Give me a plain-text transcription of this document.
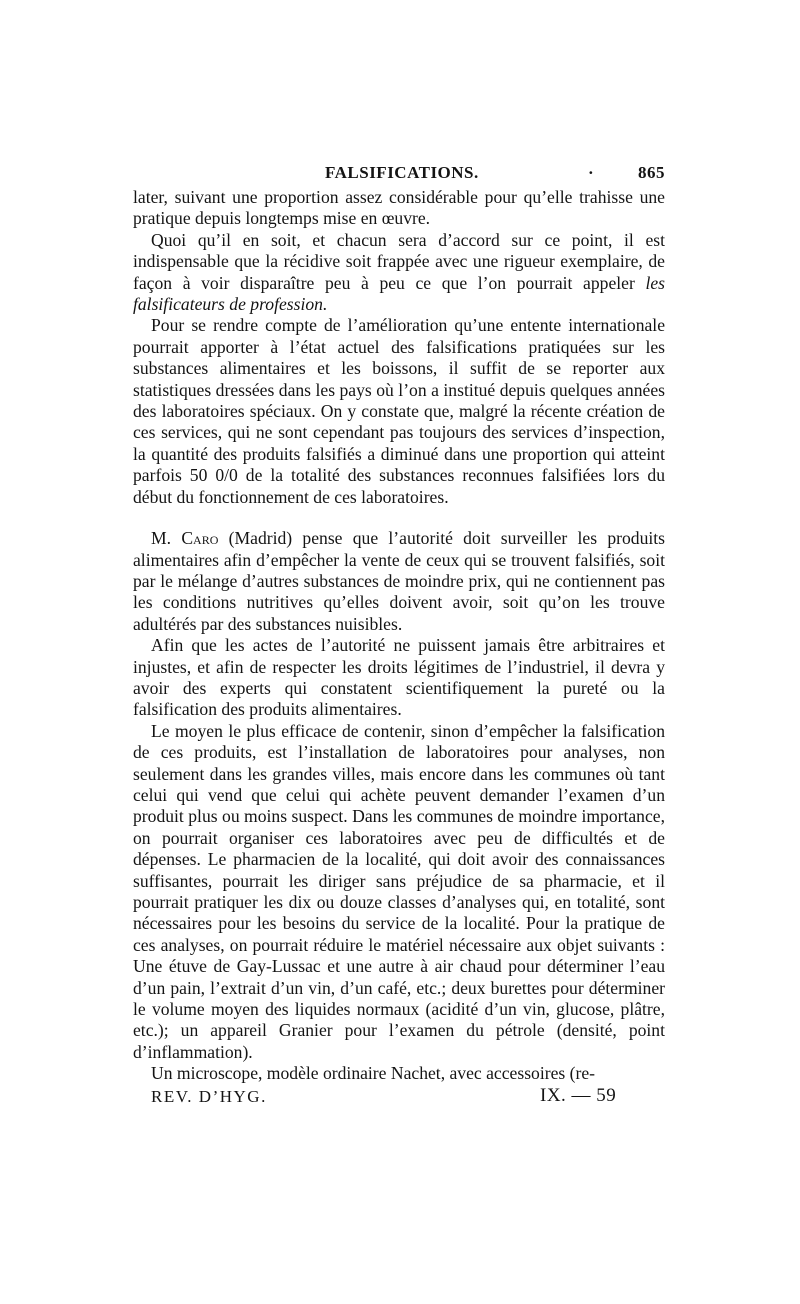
FALSIFICATIONS.	·	865

later, suivant une proportion assez considérable pour qu’elle trahisse une pratique depuis longtemps mise en œuvre.

Quoi qu’il en soit, et chacun sera d’accord sur ce point, il est indispensable que la récidive soit frappée avec une rigueur exemplaire, de façon à voir disparaître peu à peu ce que l’on pourrait appeler les falsificateurs de profession.

Pour se rendre compte de l’amélioration qu’une entente internationale pourrait apporter à l’état actuel des falsifications pratiquées sur les substances alimentaires et les boissons, il suffit de se reporter aux statistiques dressées dans les pays où l’on a institué depuis quelques années des laboratoires spéciaux. On y constate que, malgré la récente création de ces services, qui ne sont cependant pas toujours des services d’inspection, la quantité des produits falsifiés a diminué dans une proportion qui atteint parfois 50 0/0 de la totalité des substances reconnues falsifiées lors du début du fonctionnement de ces laboratoires.

M. Caro (Madrid) pense que l’autorité doit surveiller les produits alimentaires afin d’empêcher la vente de ceux qui se trouvent falsifiés, soit par le mélange d’autres substances de moindre prix, qui ne contiennent pas les conditions nutritives qu’elles doivent avoir, soit qu’on les trouve adultérés par des substances nuisibles.

Afin que les actes de l’autorité ne puissent jamais être arbitraires et injustes, et afin de respecter les droits légitimes de l’industriel, il devra y avoir des experts qui constatent scientifiquement la pureté ou la falsification des produits alimentaires.

Le moyen le plus efficace de contenir, sinon d’empêcher la falsification de ces produits, est l’installation de laboratoires pour analyses, non seulement dans les grandes villes, mais encore dans les communes où tant celui qui vend que celui qui achète peuvent demander l’examen d’un produit plus ou moins suspect. Dans les communes de moindre importance, on pourrait organiser ces laboratoires avec peu de difficultés et de dépenses. Le pharmacien de la localité, qui doit avoir des connaissances suffisantes, pourrait les diriger sans préjudice de sa pharmacie, et il pourrait pratiquer les dix ou douze classes d’analyses qui, en totalité, sont nécessaires pour les besoins du service de la localité. Pour la pratique de ces analyses, on pourrait réduire le matériel nécessaire aux objet suivants : Une étuve de Gay-Lussac et une autre à air chaud pour déterminer l’eau d’un pain, l’extrait d’un vin, d’un café, etc.; deux burettes pour déterminer le volume moyen des liquides normaux (acidité d’un vin, glucose, plâtre, etc.); un appareil Granier pour l’examen du pétrole (densité, point d’inflammation).

Un microscope, modèle ordinaire Nachet, avec accessoires (re-

REV. D’HYG.	IX. — 59
